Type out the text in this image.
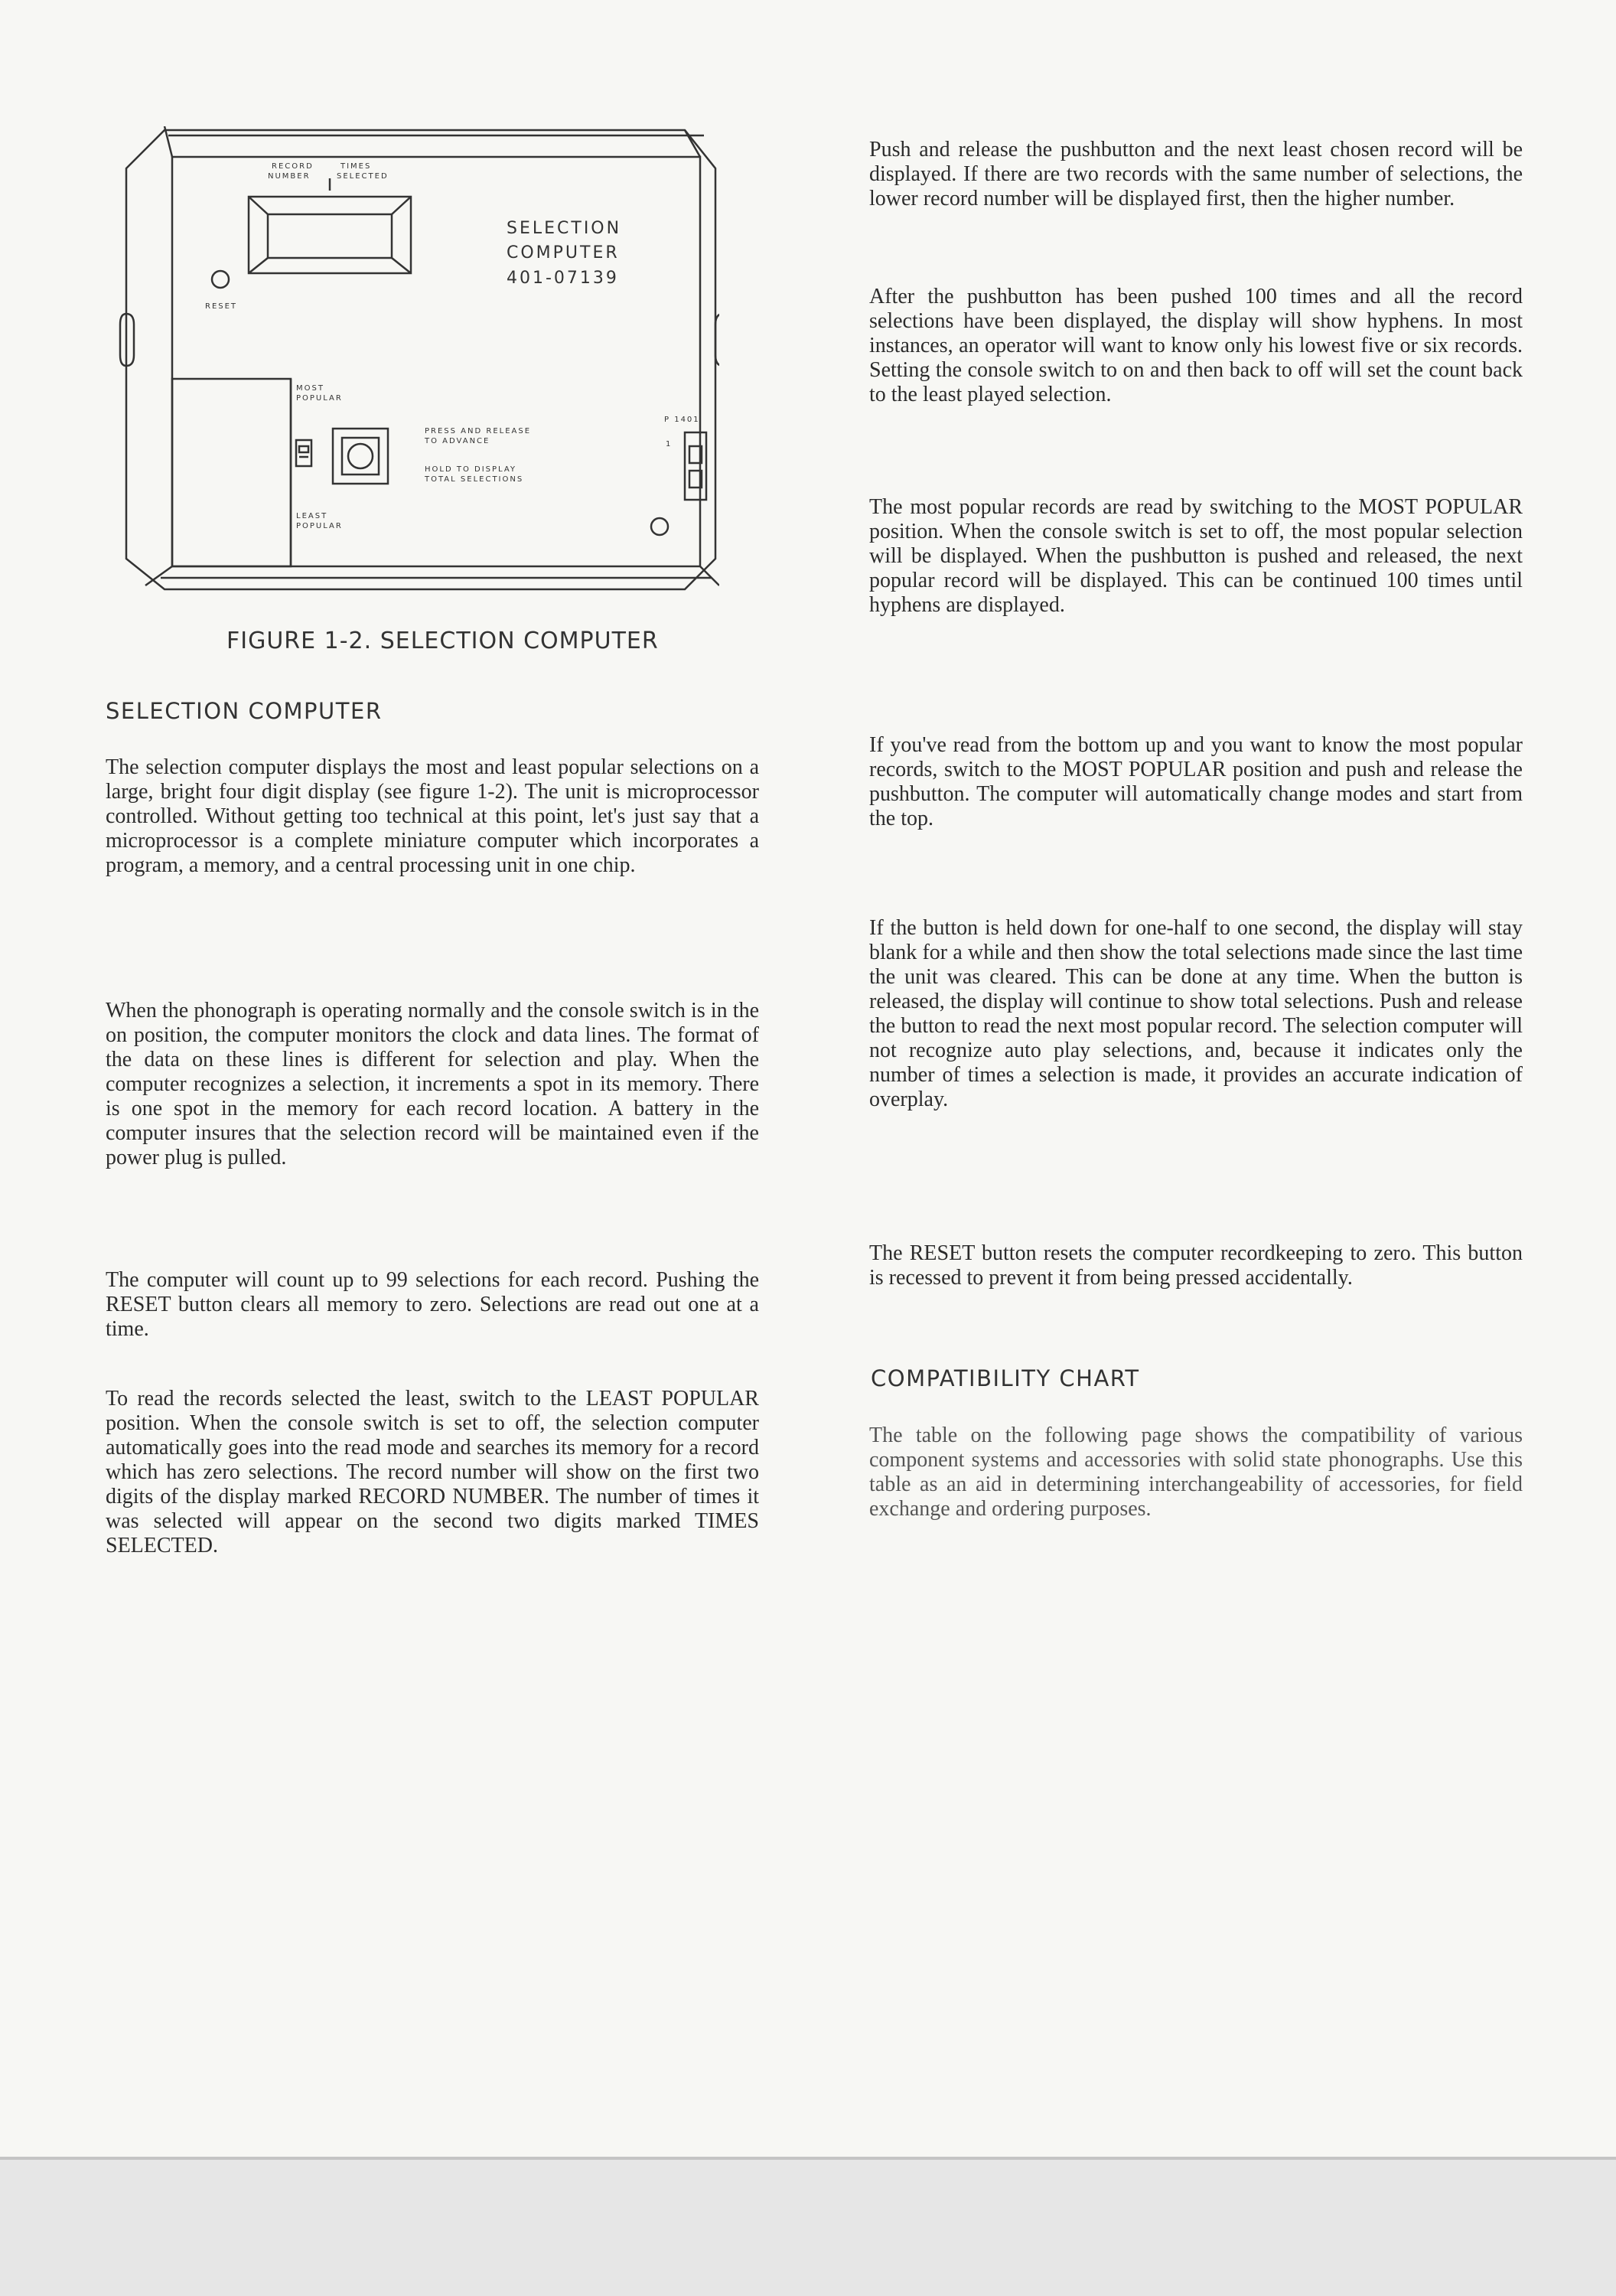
RECORD
NUMBER
TIMES
SELECTED
SELECTION
COMPUTER
401-07139
RESET
MOST
POPULAR
LEAST
POPULAR
PRESS AND RELEASE
TO ADVANCE
HOLD TO DISPLAY
TOTAL SELECTIONS
P 1401
1

FIGURE 1-2. SELECTION COMPUTER

SELECTION COMPUTER

The selection computer displays the most and least popular selections on a large, bright four digit display (see figure 1-2). The unit is microprocessor controlled. Without getting too technical at this point, let's just say that a microprocessor is a complete miniature computer which incorporates a program, a memory, and a central processing unit in one chip.

When the phonograph is operating normally and the console switch is in the on position, the computer monitors the clock and data lines. The format of the data on these lines is different for selection and play. When the computer recognizes a selection, it increments a spot in its memory. There is one spot in the memory for each record location. A battery in the computer insures that the selection record will be maintained even if the power plug is pulled.

The computer will count up to 99 selections for each record. Pushing the RESET button clears all memory to zero. Selections are read out one at a time.

To read the records selected the least, switch to the LEAST POPULAR position. When the console switch is set to off, the selection computer automatically goes into the read mode and searches its memory for a record which has zero selections. The record number will show on the first two digits of the display marked RECORD NUMBER. The number of times it was selected will appear on the second two digits marked TIMES SELECTED.

Push and release the pushbutton and the next least chosen record will be displayed. If there are two records with the same number of selections, the lower record number will be displayed first, then the higher number.

After the pushbutton has been pushed 100 times and all the record selections have been displayed, the display will show hyphens. In most instances, an operator will want to know only his lowest five or six records. Setting the console switch to on and then back to off will set the count back to the least played selection.

The most popular records are read by switching to the MOST POPULAR position. When the console switch is set to off, the most popular selection will be displayed. When the pushbutton is pushed and released, the next popular record will be displayed. This can be continued 100 times until hyphens are displayed.

If you've read from the bottom up and you want to know the most popular records, switch to the MOST POPULAR position and push and release the pushbutton. The computer will automatically change modes and start from the top.

If the button is held down for one-half to one second, the display will stay blank for a while and then show the total selections made since the last time the unit was cleared. This can be done at any time. When the button is released, the display will continue to show total selections. Push and release the button to read the next most popular record. The selection computer will not recognize auto play selections, and, because it indicates only the number of times a selection is made, it provides an accurate indication of overplay.

The RESET button resets the computer recordkeeping to zero. This button is recessed to prevent it from being pressed accidentally.

COMPATIBILITY CHART

The table on the following page shows the compatibility of various component systems and accessories with solid state phonographs. Use this table as an aid in determining interchangeability of accessories, for field exchange and ordering purposes.
